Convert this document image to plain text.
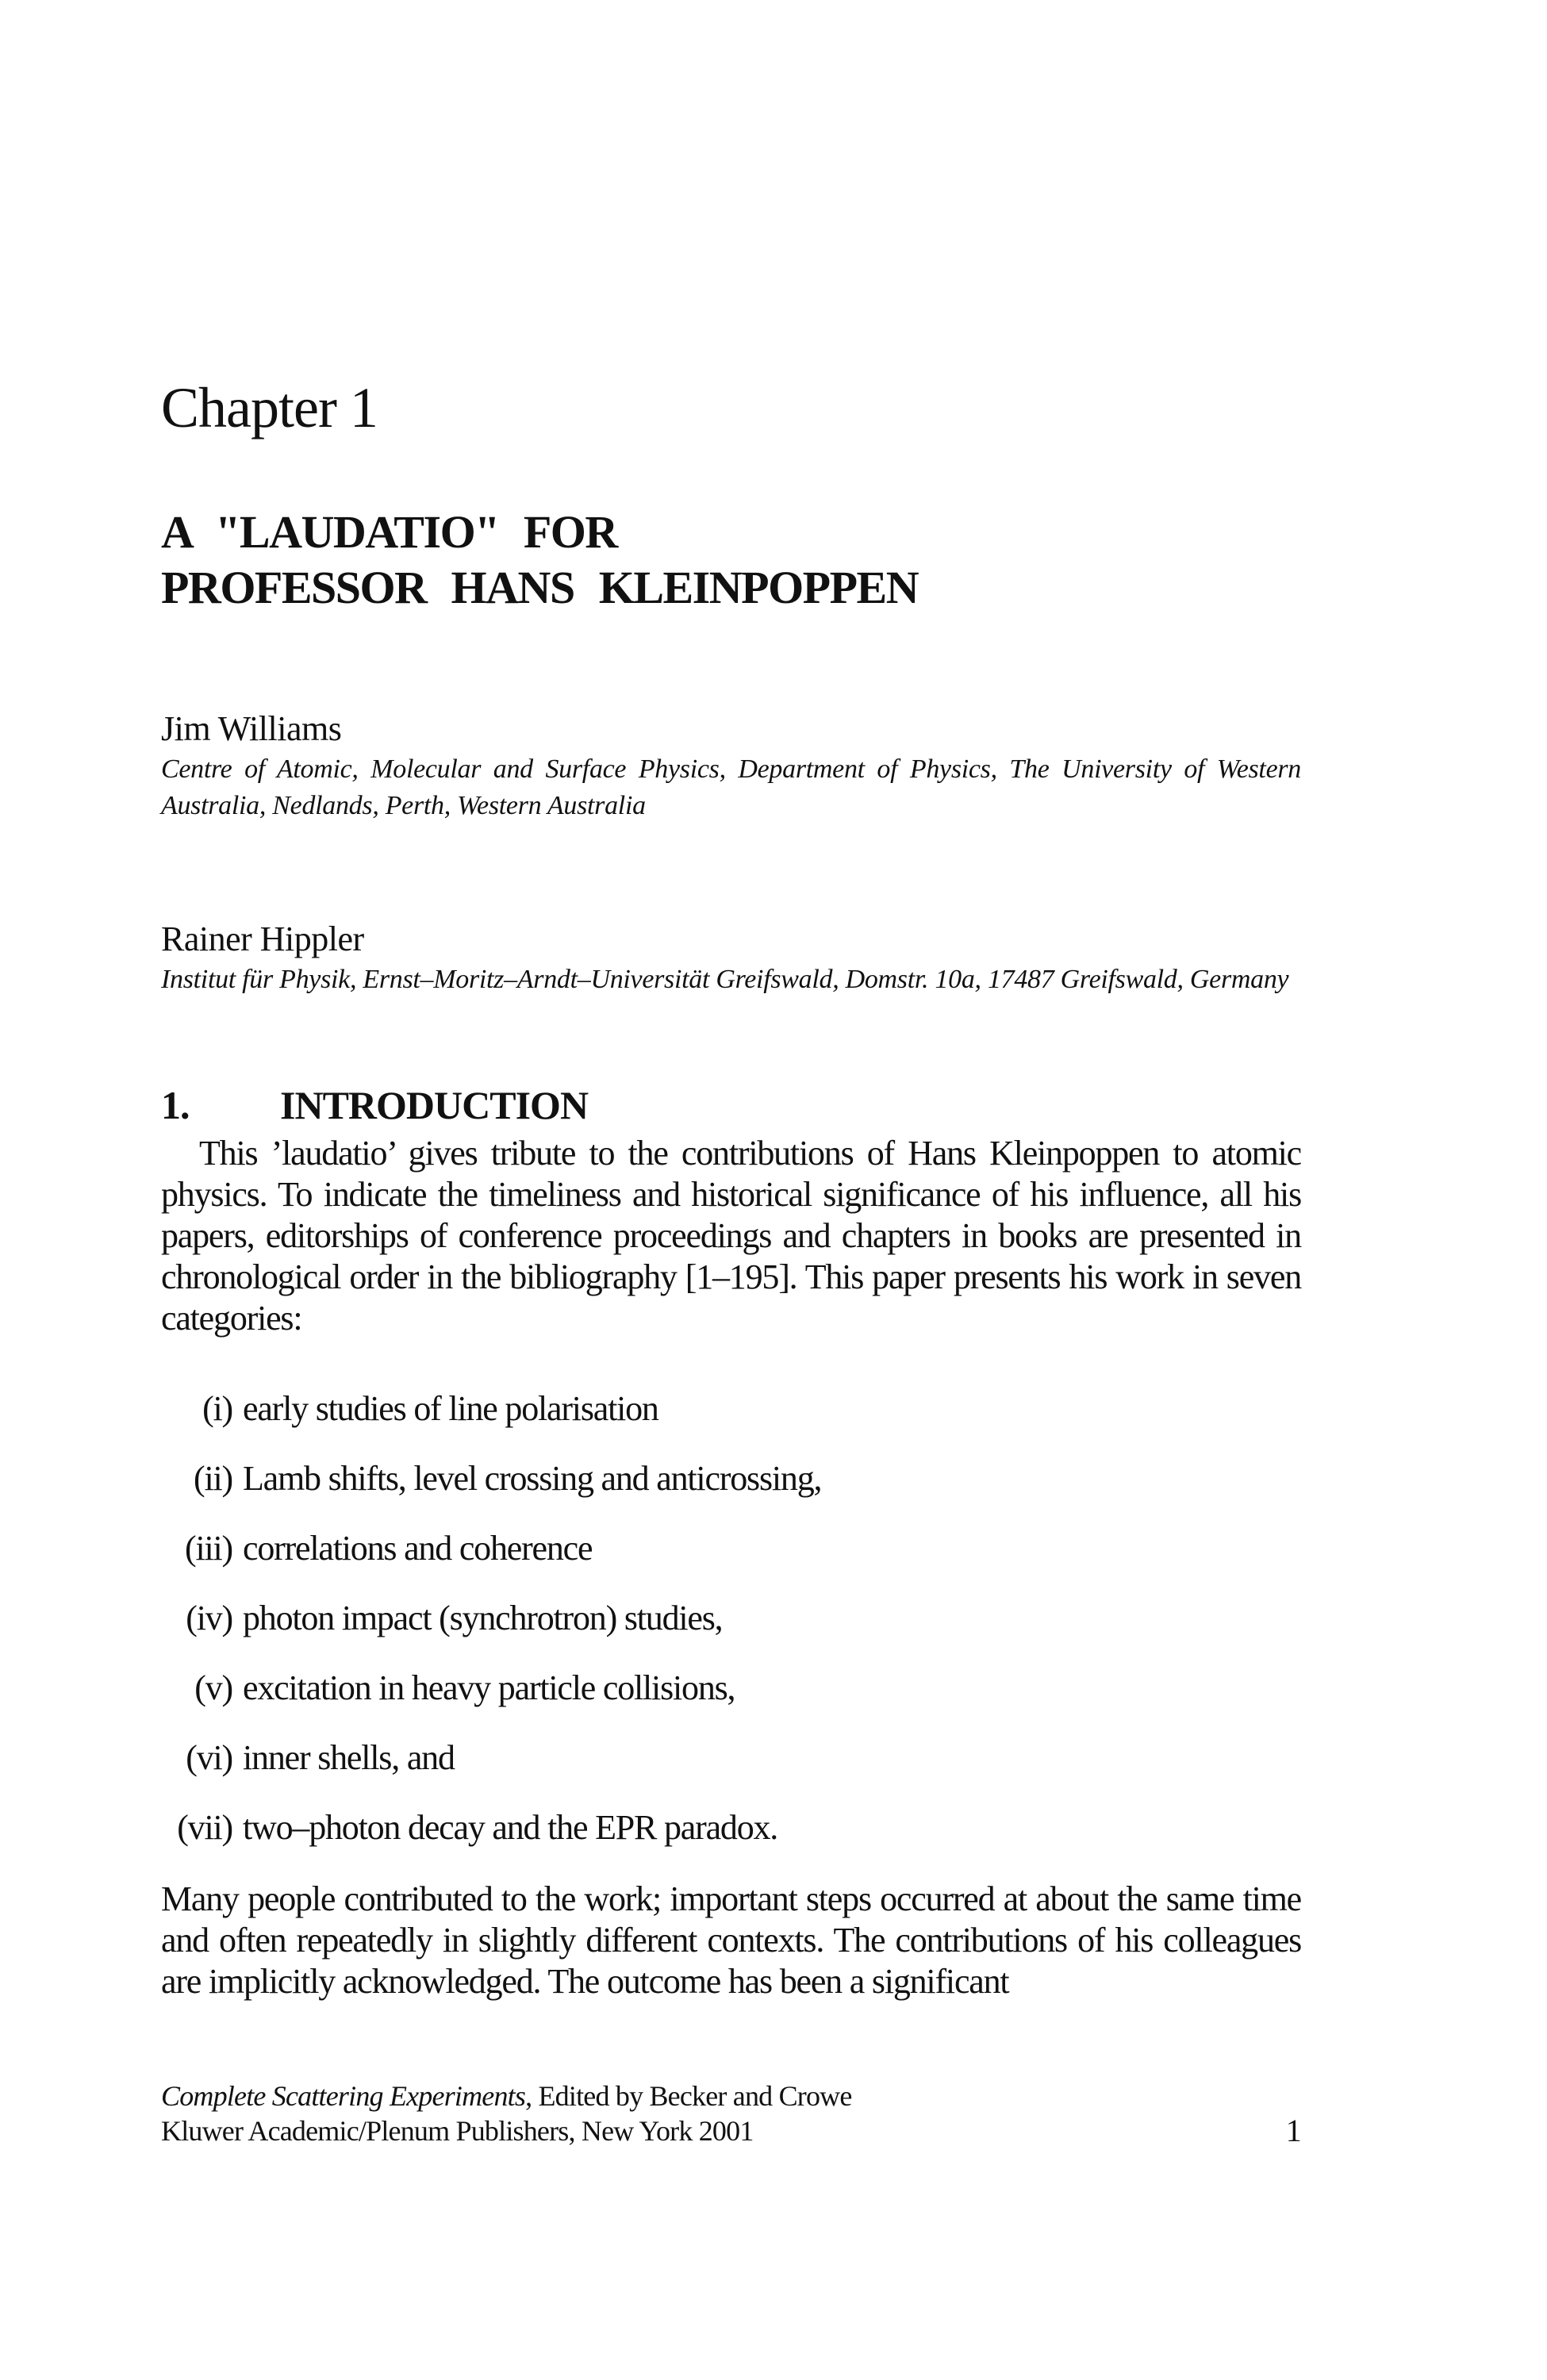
Chapter 1
A "LAUDATIO" FOR
PROFESSOR HANS KLEINPOPPEN
Jim Williams
Centre of Atomic, Molecular and Surface Physics, Department of Physics, The University of Western Australia, Nedlands, Perth, Western Australia
Rainer Hippler
Institut für Physik, Ernst–Moritz–Arndt–Universität Greifswald, Domstr. 10a, 17487 Greifswald, Germany
1. INTRODUCTION
This ’laudatio’ gives tribute to the contributions of Hans Kleinpoppen to atomic physics. To indicate the timeliness and historical significance of his influence, all his papers, editorships of conference proceedings and chapters in books are presented in chronological order in the bibliography [1–195]. This paper presents his work in seven categories:
(i) early studies of line polarisation
(ii) Lamb shifts, level crossing and anticrossing,
(iii) correlations and coherence
(iv) photon impact (synchrotron) studies,
(v) excitation in heavy particle collisions,
(vi) inner shells, and
(vii) two–photon decay and the EPR paradox.
Many people contributed to the work; important steps occurred at about the same time and often repeatedly in slightly different contexts. The contributions of his colleagues are implicitly acknowledged. The outcome has been a significant
Complete Scattering Experiments, Edited by Becker and Crowe
Kluwer Academic/Plenum Publishers, New York 2001	1
